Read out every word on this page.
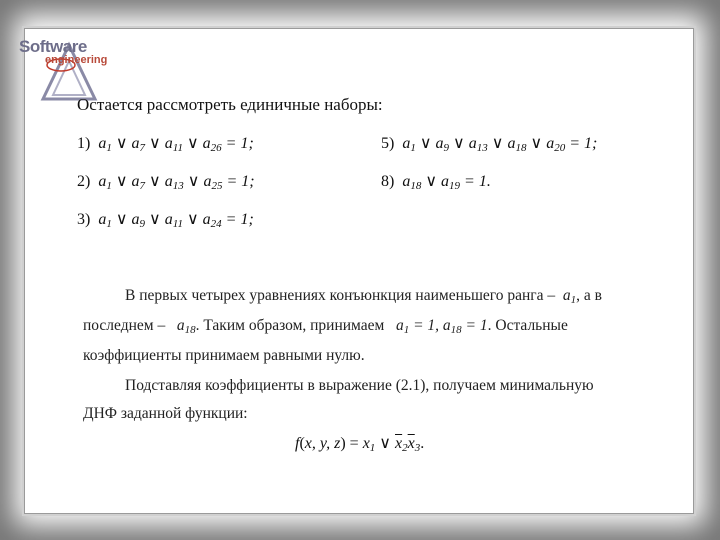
Software
engineering
Остается рассмотреть единичные наборы:
1)  $a_1$ ∨ $a_7$ ∨ $a_{11}$ ∨ $a_{26} = 1$;	5)  $a_1$ ∨ $a_9$ ∨ $a_{13}$ ∨ $a_{18}$ ∨ $a_{20} = 1$;
2)  $a_1$ ∨ $a_7$ ∨ $a_{13}$ ∨ $a_{25} = 1$;	8)  $a_{18}$ ∨ $a_{19} = 1$.
3)  $a_1$ ∨ $a_9$ ∨ $a_{11}$ ∨ $a_{24} = 1$;
В первых четырех уравнениях конъюнкция наименьшего ранга –  $a_1$, а в
последнем –   $a_{18}$. Таким образом, принимаем   $a_1 = 1$, $a_{18} = 1$. Остальные
коэффициенты принимаем равными нулю.
Подставляя коэффициенты в выражение (2.1), получаем минимальную
ДНФ заданной функции:
f(x, y, $z) = x_1$ ∨ $\overline{x}_2\overline{x}_3$.
